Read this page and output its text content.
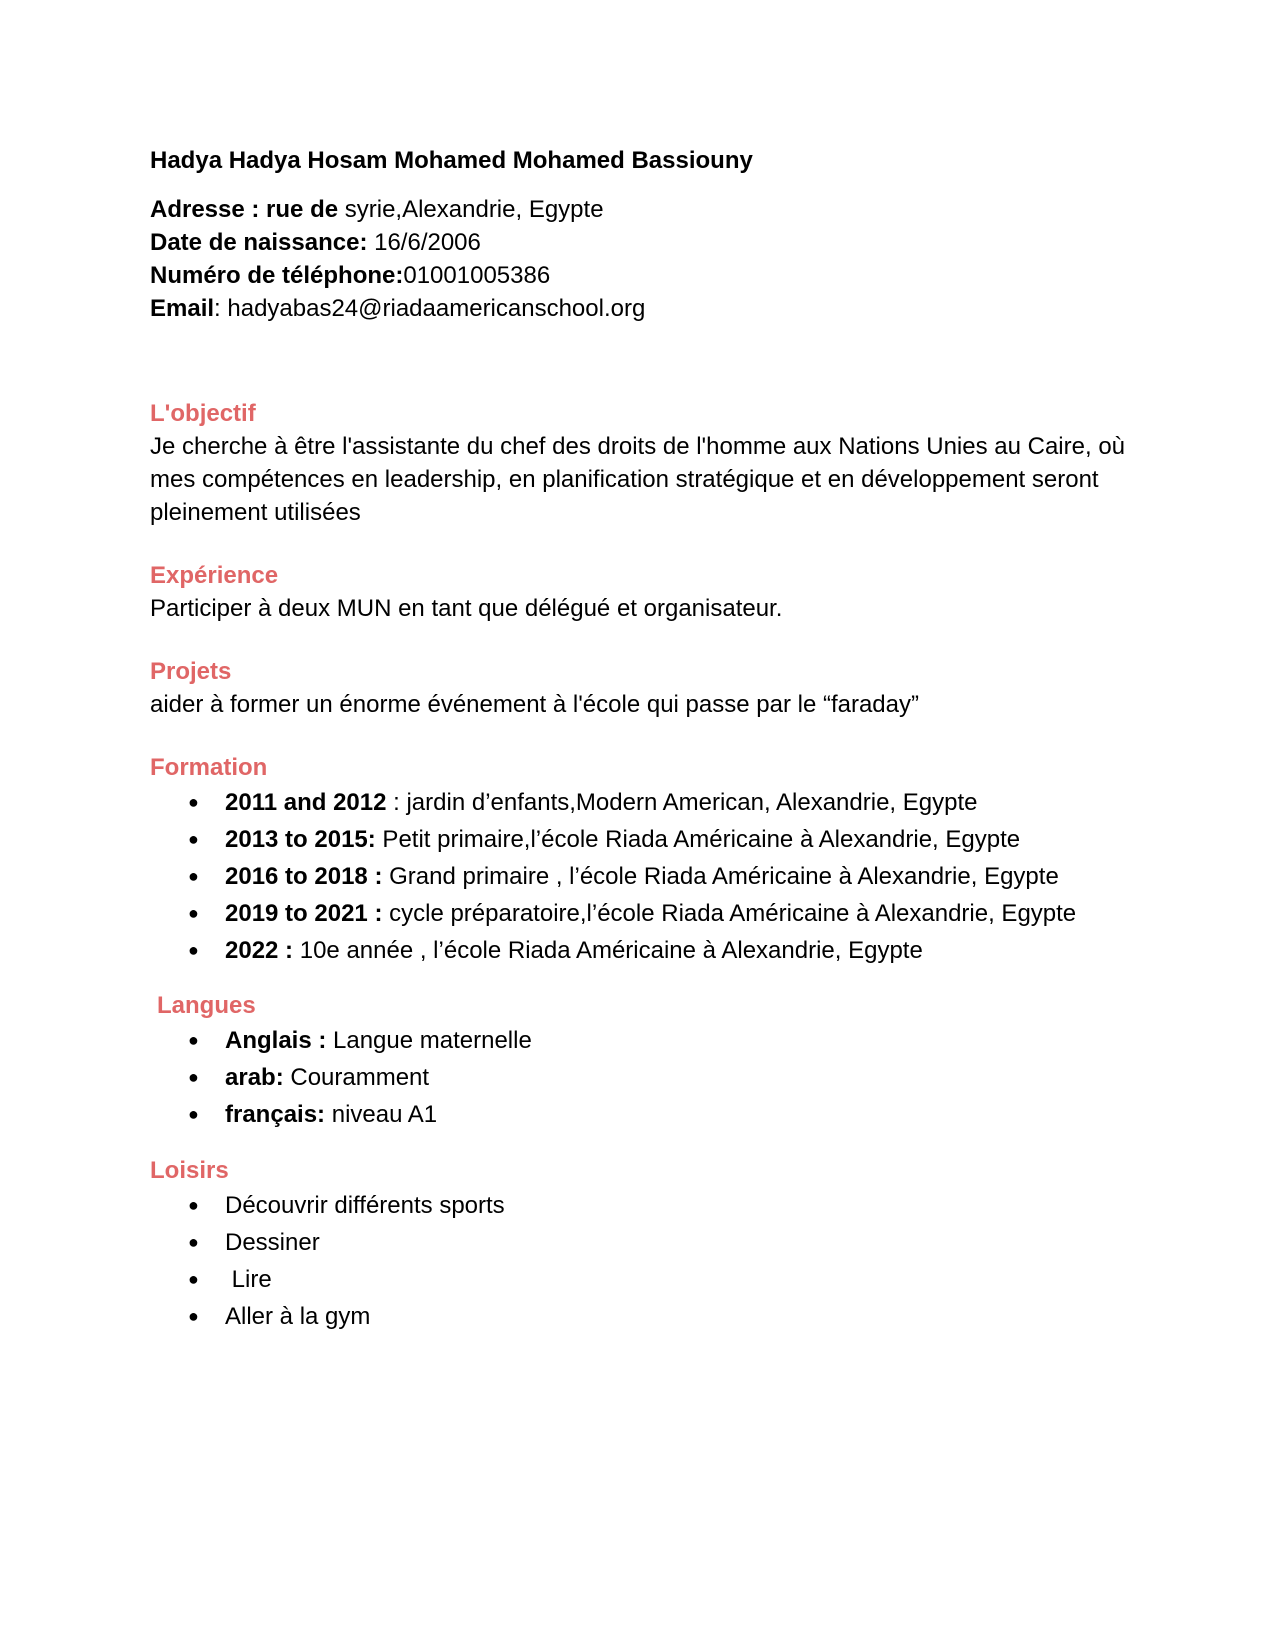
Hadya Hadya Hosam Mohamed Mohamed Bassiouny
Adresse : rue de syrie,Alexandrie, Egypte
Date de naissance: 16/6/2006
Numéro de téléphone:01001005386
Email: hadyabas24@riadaamericanschool.org
L'objectif

Je cherche à être l'assistante du chef des droits de l'homme aux Nations Unies au Caire, où mes compétences en leadership, en planification stratégique et en développement seront pleinement utilisées

Expérience

Participer à deux MUN en tant que délégué et organisateur.

Projets

aider à former un énorme événement à l'école qui passe par le “faraday”

Formation
● 2011 and 2012 : jardin d’enfants,Modern American, Alexandrie, Egypte
● 2013 to 2015: Petit primaire,l’école Riada Américaine à Alexandrie, Egypte
● 2016 to 2018 : Grand primaire , l’école Riada Américaine à Alexandrie, Egypte
● 2019 to 2021 : cycle préparatoire,l’école Riada Américaine à Alexandrie, Egypte
● 2022 : 10e année , l’école Riada Américaine à Alexandrie, Egypte
Langues
● Anglais : Langue maternelle
● arab: Couramment
● français: niveau A1
Loisirs
● Découvrir différents sports
● Dessiner
●  Lire
● Aller à la gym
